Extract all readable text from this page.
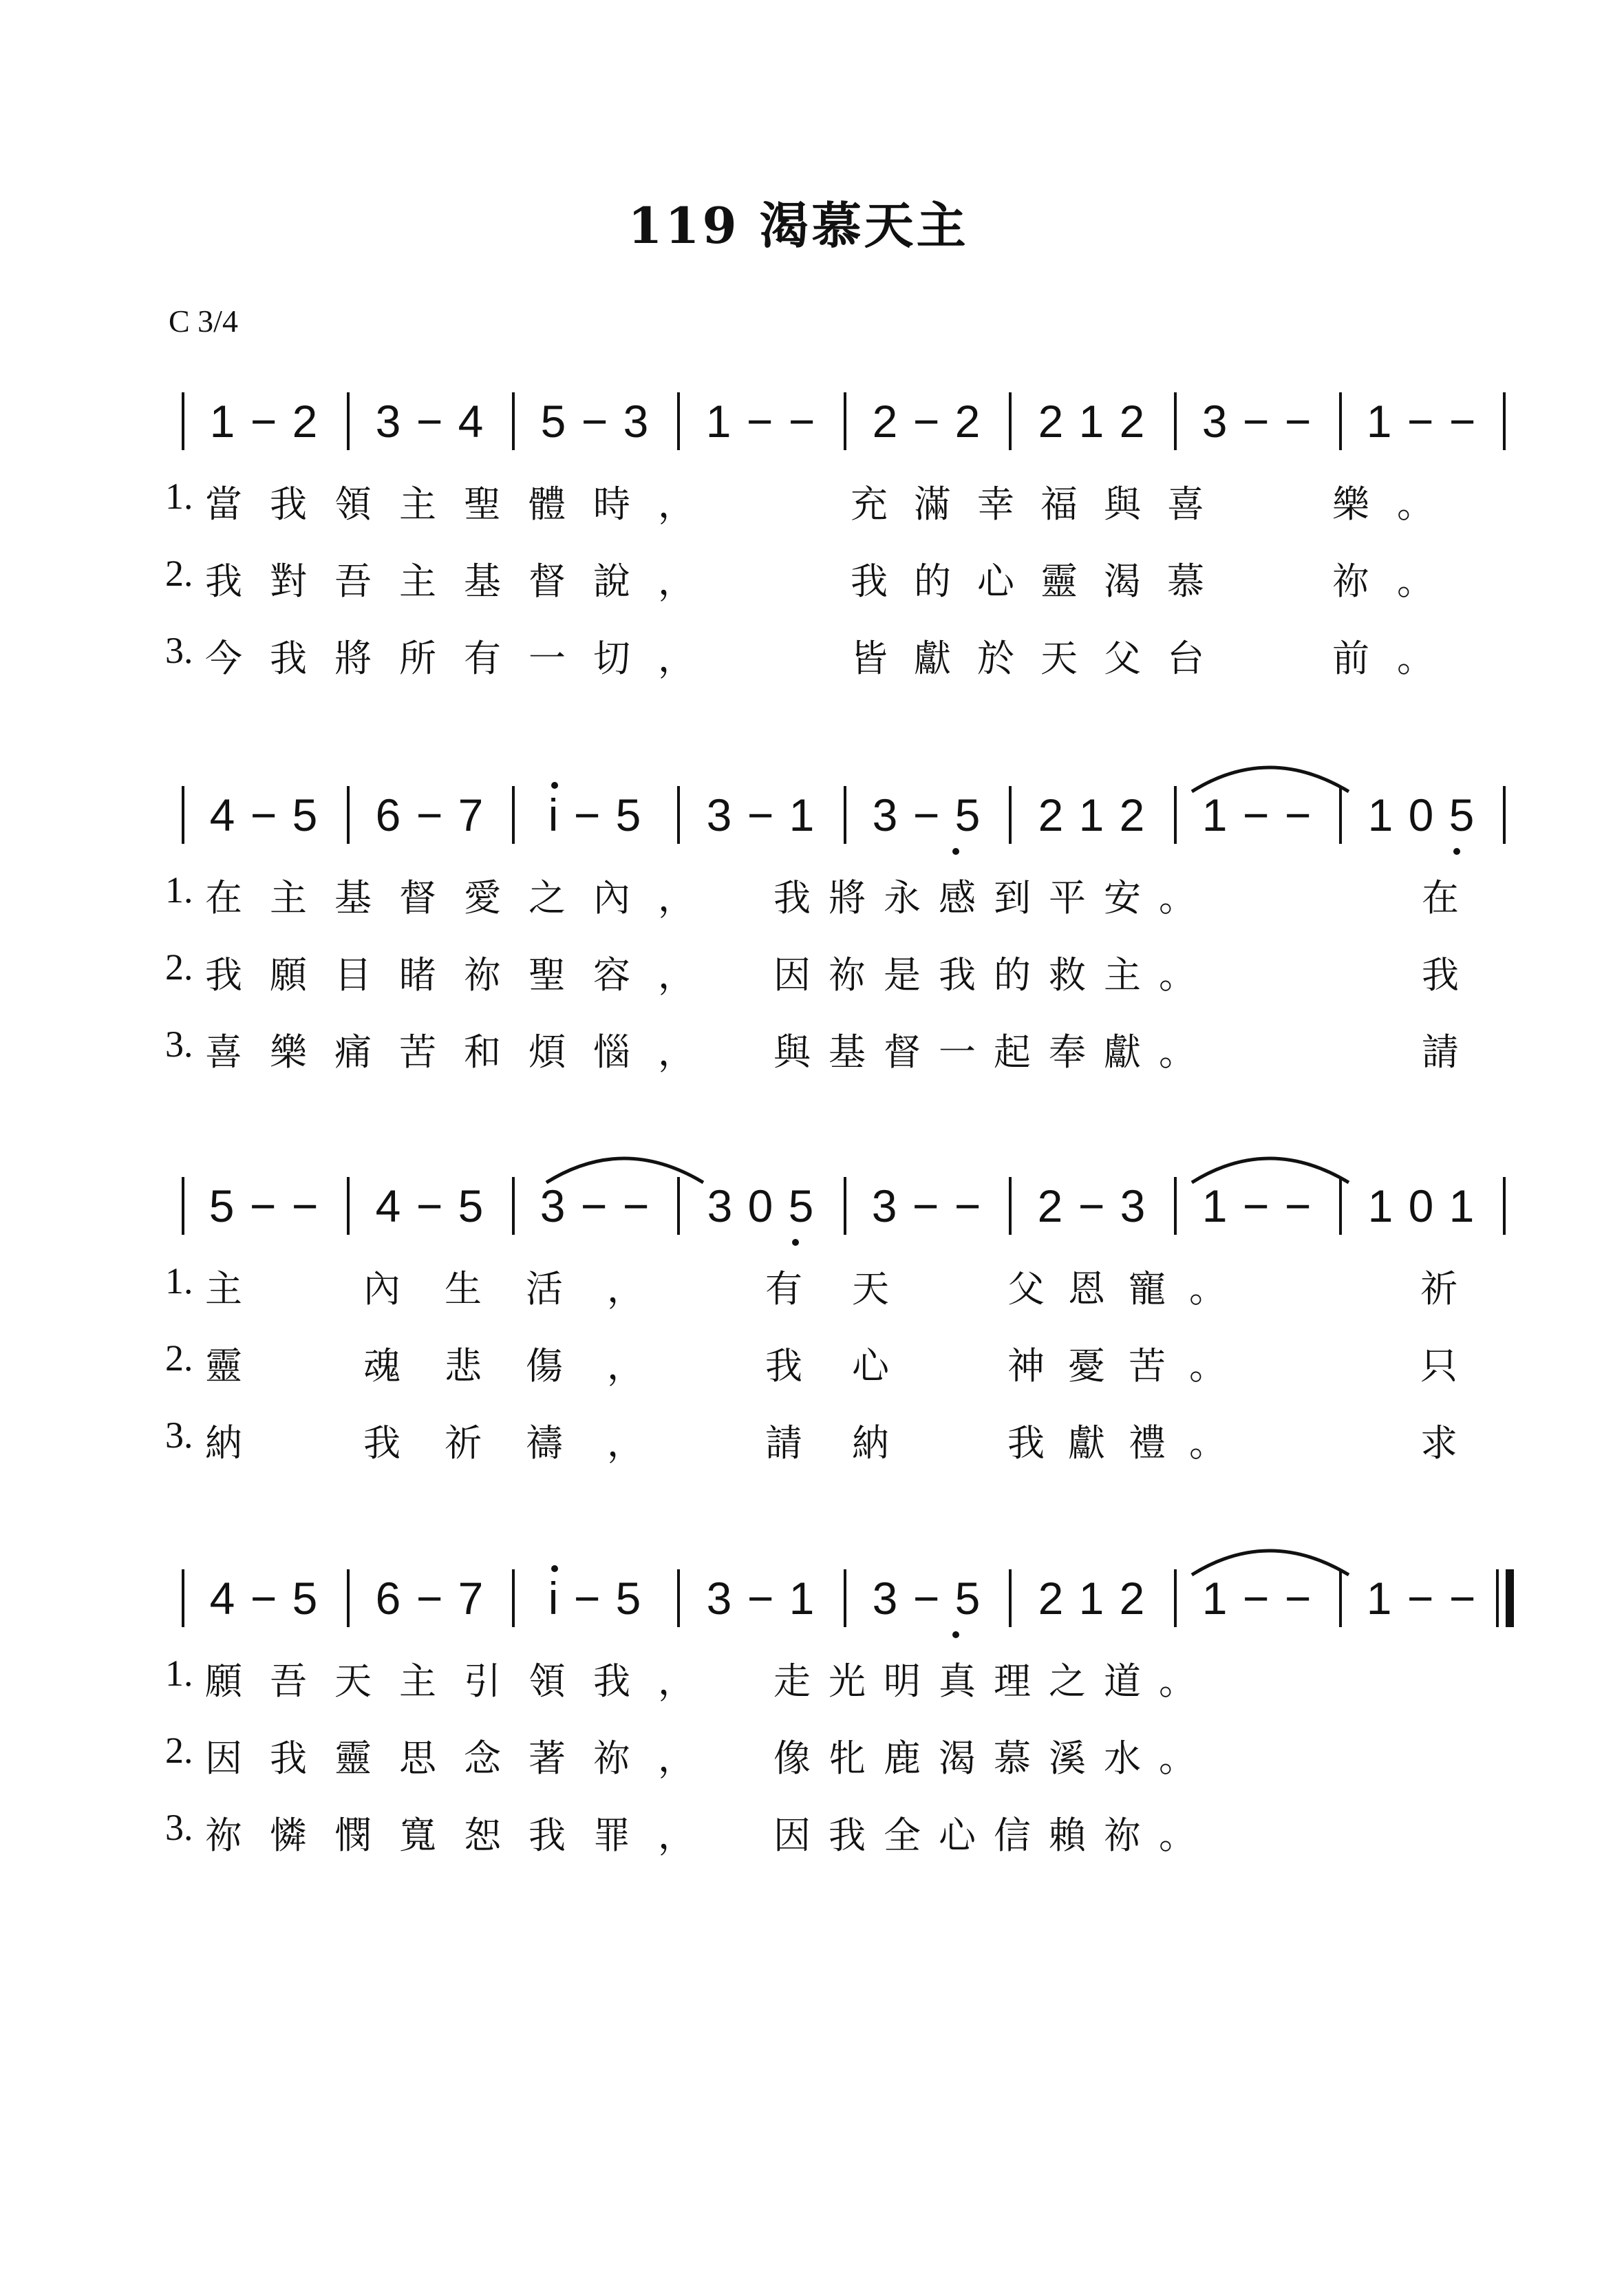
119 渴慕天主
C 3/4
1 − 2	3 − 4	5 − 3	1 − −	2 − 2	2 1 2	3 − −	1 − −
1. 當我領主聖體時，	充滿幸福與喜	樂。
2. 我對吾主基督說，	我的心靈渴慕	祢。
3. 今我將所有一切，	皆獻於天父台	前。
4 − 5	6 − 7	i − 5	3 − 1	3 − 5	2 1 2	1 − −	1 0 5
1. 在主基督愛之內， 我將永感到平安。	在
2. 我願目睹祢聖容， 因祢是我的救主。	我
3. 喜樂痛苦和煩惱， 與基督一起奉獻。	請
5 − −	4 − 5	3 − −	3 0 5	3 − −	2 − 3	1 − −	1 0 1
1. 主	內生活， 有天 父恩寵。	祈
2. 靈	魂悲傷， 我心 神憂苦。	只
3. 納	我祈禱， 請納 我獻禮。	求
4 − 5	6 − 7	i − 5	3 − 1	3 − 5	2 1 2	1 − −	1 − −
1. 願吾天主引領我， 走光明真理之道。
2. 因我靈思念著祢， 像牝鹿渴慕溪水。
3. 祢憐憫寬恕我罪， 因我全心信賴祢。
